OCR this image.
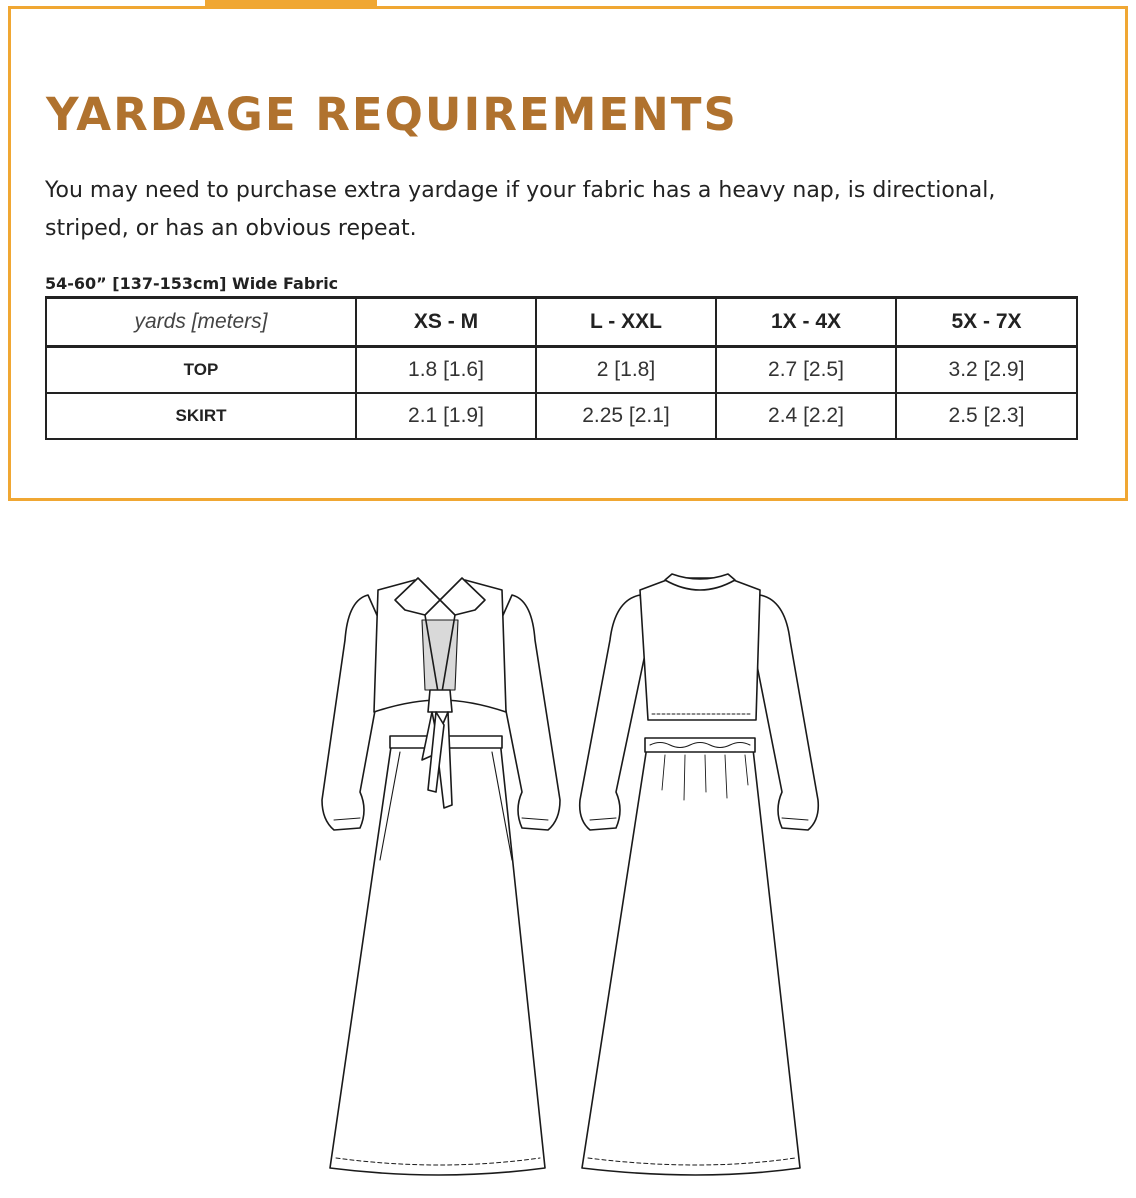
YARDAGE REQUIREMENTS

You may need to purchase extra yardage if your fabric has a heavy nap, is directional, striped, or has an obvious repeat.

54-60” [137-153cm] Wide Fabric

yards [meters]	XS - M	L - XXL	1X - 4X	5X - 7X
TOP	1.8 [1.6]	2 [1.8]	2.7 [2.5]	3.2 [2.9]
SKIRT	2.1 [1.9]	2.25 [2.1]	2.4 [2.2]	2.5 [2.3]
